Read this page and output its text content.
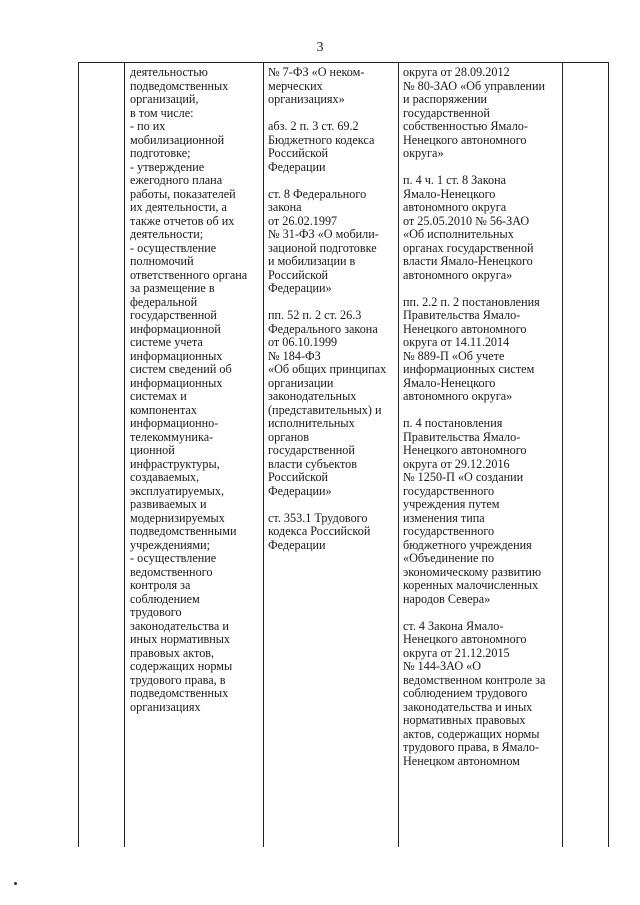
3
деятельностью
подведомственных
организаций,
в том числе:
- по их
мобилизационной
подготовке;
- утверждение
ежегодного плана
работы, показателей
их деятельности, а
также отчетов об их
деятельности;
- осуществление
полномочий
ответственного органа
за размещение в
федеральной
государственной
информационной
системе учета
информационных
систем сведений об
информационных
системах и
компонентах
информационно-
телекоммуника-
ционной
инфраструктуры,
создаваемых,
эксплуатируемых,
развиваемых и
модернизируемых
подведомственными
учреждениями;
- осуществление
ведомственного
контроля за
соблюдением
трудового
законодательства и
иных нормативных
правовых актов,
содержащих нормы
трудового права, в
подведомственных
организациях
№ 7-ФЗ «О неком-
мерческих
организациях»
абз. 2 п. 3 ст. 69.2
Бюджетного кодекса
Российской
Федерации
ст. 8 Федерального
закона
от 26.02.1997
№ 31-ФЗ «О мобили-
зационой подготовке
и мобилизации в
Российской
Федерации»
пп. 52 п. 2 ст. 26.3
Федерального закона
от 06.10.1999
№ 184-ФЗ
«Об общих принципах
организации
законодательных
(представительных) и
исполнительных
органов
государственной
власти субъектов
Российской
Федерации»
ст. 353.1 Трудового
кодекса Российской
Федерации
округа от 28.09.2012
№ 80-ЗАО «Об управлении
и распоряжении
государственной
собственностью Ямало-
Ненецкого автономного
округа»
п. 4 ч. 1 ст. 8 Закона
Ямало-Ненецкого
автономного округа
от 25.05.2010 № 56-ЗАО
«Об исполнительных
органах государственной
власти Ямало-Ненецкого
автономного округа»
пп. 2.2 п. 2 постановления
Правительства Ямало-
Ненецкого автономного
округа от 14.11.2014
№ 889-П «Об учете
информационных систем
Ямало-Ненецкого
автономного округа»
п. 4 постановления
Правительства Ямало-
Ненецкого автономного
округа от 29.12.2016
№ 1250-П «О создании
государственного
учреждения путем
изменения типа
государственного
бюджетного учреждения
«Объединение по
экономическому развитию
коренных малочисленных
народов Севера»
ст. 4 Закона Ямало-
Ненецкого автономного
округа от 21.12.2015
№ 144-ЗАО «О
ведомственном контроле за
соблюдением трудового
законодательства и иных
нормативных правовых
актов, содержащих нормы
трудового права, в Ямало-
Ненецком автономном
